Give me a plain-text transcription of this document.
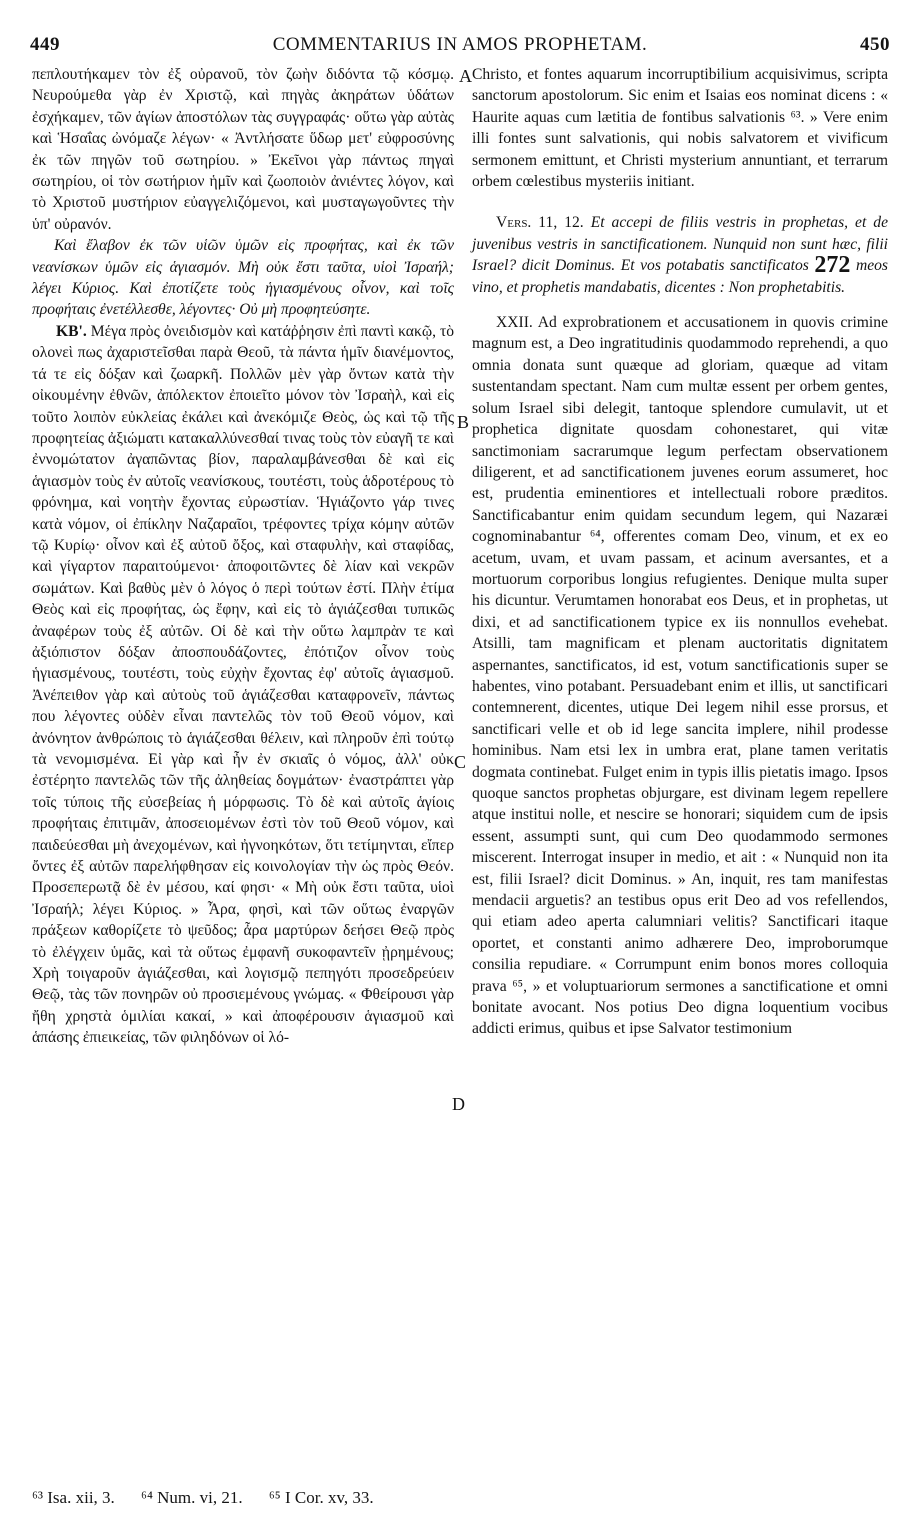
449	COMMENTARIUS IN AMOS PROPHETAM.	450

πεπλουτήκαμεν τὸν ἐξ οὐρανοῦ, τὸν ζωὴν διδόντα τῷ κόσμῳ. Νευρούμεθα γὰρ ἐν Χριστῷ, καὶ πηγὰς ἀκηράτων ὑδάτων ἐσχήκαμεν, τῶν ἁγίων ἀποστόλων τὰς συγγραφάς· οὕτω γὰρ αὐτὰς καὶ Ἡσαΐας ὠνόμαζε λέγων· « Ἀντλήσατε ὕδωρ μετ' εὐφροσύνης ἐκ τῶν πηγῶν τοῦ σωτηρίου. » Ἐκεῖνοι γὰρ πάντως πηγαὶ σωτηρίου, οἱ τὸν σωτήριον ἡμῖν καὶ ζωοποιὸν ἀνιέντες λόγον, καὶ τὸ Χριστοῦ μυστήριον εὐαγγελιζόμενοι, καὶ μυσταγωγοῦντες τὴν ὑπ' οὐρανόν.

Καὶ ἔλαβον ἐκ τῶν υἱῶν ὑμῶν εἰς προφήτας, καὶ ἐκ τῶν νεανίσκων ὑμῶν εἰς ἁγιασμόν. Μὴ οὐκ ἔστι ταῦτα, υἱοὶ Ἰσραήλ; λέγει Κύριος. Καὶ ἐποτίζετε τοὺς ἡγιασμένους οἶνον, καὶ τοῖς προφήταις ἐνετέλλεσθε, λέγοντες· Οὐ μὴ προφητεύσητε.

ΚΒ'. Μέγα πρὸς ὀνειδισμὸν καὶ κατάῤῥησιν ἐπὶ παντὶ κακῷ, τὸ ολονεὶ πως ἀχαριστεῖσθαι παρὰ Θεοῦ, τὰ πάντα ἡμῖν διανέμοντος, τά τε εἰς δόξαν καὶ ζωαρκῆ. Πολλῶν μὲν γὰρ ὄντων κατὰ τὴν οἰκουμένην ἐθνῶν, ἀπόλεκτον ἐποιεῖτο μόνον τὸν Ἰσραὴλ, καὶ εἰς τοῦτο λοιπὸν εὐκλείας ἐκάλει καὶ ἀνεκόμιζε Θεὸς, ὡς καὶ τῷ τῆς προφητείας ἀξιώματι κατακαλλύνεσθαί τινας τοὺς τὸν εὐαγῆ τε καὶ ἐννομώτατον ἀγαπῶντας βίον, παραλαμβάνεσθαι δὲ καὶ εἰς ἁγιασμὸν τοὺς ἐν αὐτοῖς νεανίσκους, τουτέστι, τοὺς ἁδροτέρους τὸ φρόνημα, καὶ νοητὴν ἔχοντας εὐρωστίαν. Ἡγιάζοντο γάρ τινες κατὰ νόμον, οἱ ἐπίκλην Ναζαραῖοι, τρέφοντες τρίχα κόμην αὐτῶν τῷ Κυρίῳ· οἶνον καὶ ἐξ αὐτοῦ ὄξος, καὶ σταφυλὴν, καὶ σταφίδας, καὶ γίγαρτον παραιτούμενοι· ἀποφοιτῶντες δὲ λίαν καὶ νεκρῶν σωμάτων. Καὶ βαθὺς μὲν ὁ λόγος ὁ περὶ τούτων ἐστί. Πλὴν ἐτίμα Θεὸς καὶ εἰς προφήτας, ὡς ἔφην, καὶ εἰς τὸ ἁγιάζεσθαι τυπικῶς ἀναφέρων τοὺς ἐξ αὐτῶν. Οἱ δὲ καὶ τὴν οὕτω λαμπρὰν τε καὶ ἀξιόπιστον δόξαν ἀποσπουδάζοντες, ἐπότιζον οἶνον τοὺς ἡγιασμένους, τουτέστι, τοὺς εὐχὴν ἔχοντας ἐφ' αὐτοῖς ἁγιασμοῦ. Ἀνέπειθον γὰρ καὶ αὐτοὺς τοῦ ἁγιάζεσθαι καταφρονεῖν, πάντως που λέγοντες οὐδὲν εἶναι παντελῶς τὸν τοῦ Θεοῦ νόμον, καὶ ἀνόνητον ἀνθρώποις τὸ ἁγιάζεσθαι θέλειν, καὶ πληροῦν ἐπὶ τούτῳ τὰ νενομισμένα. Εἰ γὰρ καὶ ἦν ἐν σκιαῖς ὁ νόμος, ἀλλ' οὐκ ἐστέρητο παντελῶς τῶν τῆς ἀληθείας δογμάτων· ἐναστράπτει γὰρ τοῖς τύποις τῆς εὐσεβείας ἡ μόρφωσις. Τὸ δὲ καὶ αὐτοῖς ἁγίοις προφήταις ἐπιτιμᾶν, ἀποσειομένων ἐστὶ τὸν τοῦ Θεοῦ νόμον, καὶ παιδεύεσθαι μὴ ἀνεχομένων, καὶ ἠγνοηκότων, ὅτι τετίμηνται, εἴπερ ὄντες ἐξ αὐτῶν παρελήφθησαν εἰς κοινολογίαν τὴν ὡς πρὸς Θεόν. Προσεπερωτᾷ δὲ ἐν μέσου, καί φησι· « Μὴ οὐκ ἔστι ταῦτα, υἱοὶ Ἰσραήλ; λέγει Κύριος. » Ἆρα, φησὶ, καὶ τῶν οὕτως ἐναργῶν πράξεων καθορίζετε τὸ ψεῦδος; ἆρα μαρτύρων δεήσει Θεῷ πρὸς τὸ ἐλέγχειν ὑμᾶς, καὶ τὰ οὕτως ἐμφανῆ συκοφαντεῖν ᾐρημένους; Χρὴ τοιγαροῦν ἁγιάζεσθαι, καὶ λογισμῷ πεπηγότι προσεδρεύειν Θεῷ, τὰς τῶν πονηρῶν οὐ προσιεμένους γνώμας. « Φθείρουσι γὰρ ἤθη χρηστὰ ὁμιλίαι κακαί, » καὶ ἀποφέρουσιν ἁγιασμοῦ καὶ ἁπάσης ἐπιεικείας, τῶν φιληδόνων οἱ λό-

A
B
C
D

Christo, et fontes aquarum incorruptibilium acquisivimus, scripta sanctorum apostolorum. Sic enim et Isaias eos nominat dicens : « Haurite aquas cum lætitia de fontibus salvationis ⁶³. » Vere enim illi fontes sunt salvationis, qui nobis salvatorem et vivificum sermonem emittunt, et Christi mysterium annuntiant, et terrarum orbem cœlestibus mysteriis initiant.

Vers. 11, 12. Et accepi de filiis vestris in prophetas, et de juvenibus vestris in sanctificationem. Nunquid non sunt hæc, filii Israel? dicit Dominus. Et vos potabatis sanctificatos 272 meos vino, et prophetis mandabatis, dicentes : Non prophetabitis.

XXII. Ad exprobrationem et accusationem in quovis crimine magnum est, a Deo ingratitudinis quodammodo reprehendi, a quo omnia donata sunt quæque ad gloriam, quæque ad vitam sustentandam spectant. Nam cum multæ essent per orbem gentes, solum Israel sibi delegit, tantoque splendore cumulavit, ut et prophetica dignitate quosdam cohonestaret, qui vitæ sanctimoniam sacrarumque legum perfectam observationem diligerent, et ad sanctificationem juvenes eorum assumeret, hoc est, prudentia eminentiores et intellectuali robore præditos. Sanctificabantur enim quidam secundum legem, qui Nazaræi cognominabantur ⁶⁴, offerentes comam Deo, vinum, et ex eo acetum, uvam, et uvam passam, et acinum aversantes, et a mortuorum corporibus longius refugientes. Denique multa super his dicuntur. Verumtamen honorabat eos Deus, et in prophetas, ut dixi, et ad sanctificationem typice ex iis nonnullos evehebat. Atsilli, tam magnificam et plenam auctoritatis dignitatem aspernantes, sanctificatos, id est, votum sanctificationis super se habentes, vino potabant. Persuadebant enim et illis, ut sanctificari contemnerent, dicentes, utique Dei legem nihil esse prorsus, et sanctificari velle et ob id lege sancita implere, nihil prodesse hominibus. Nam etsi lex in umbra erat, plane tamen veritatis dogmata continebat. Fulget enim in typis illis pietatis imago. Ipsos quoque sanctos prophetas objurgare, est divinam legem repellere atque institui nolle, et nescire se honorari; siquidem cum de ipsis essent, assumpti sunt, qui cum Deo quodammodo sermones miscerent. Interrogat insuper in medio, et ait : « Nunquid non ita est, filii Israel? dicit Dominus. » An, inquit, res tam manifestas mendacii arguetis? an testibus opus erit Deo ad vos refellendos, qui etiam adeo aperta calumniari velitis? Sanctificari itaque oportet, et constanti animo adhærere Deo, improborumque consilia repudiare. « Corrumpunt enim bonos mores colloquia prava ⁶⁵, » et voluptuariorum sermones a sanctificatione et omni bonitate avocant. Nos potius Deo digna loquentium vocibus addicti erimus, quibus et ipse Salvator testimonium

⁶³ Isa. xii, 3. ⁶⁴ Num. vi, 21. ⁶⁵ I Cor. xv, 33.
